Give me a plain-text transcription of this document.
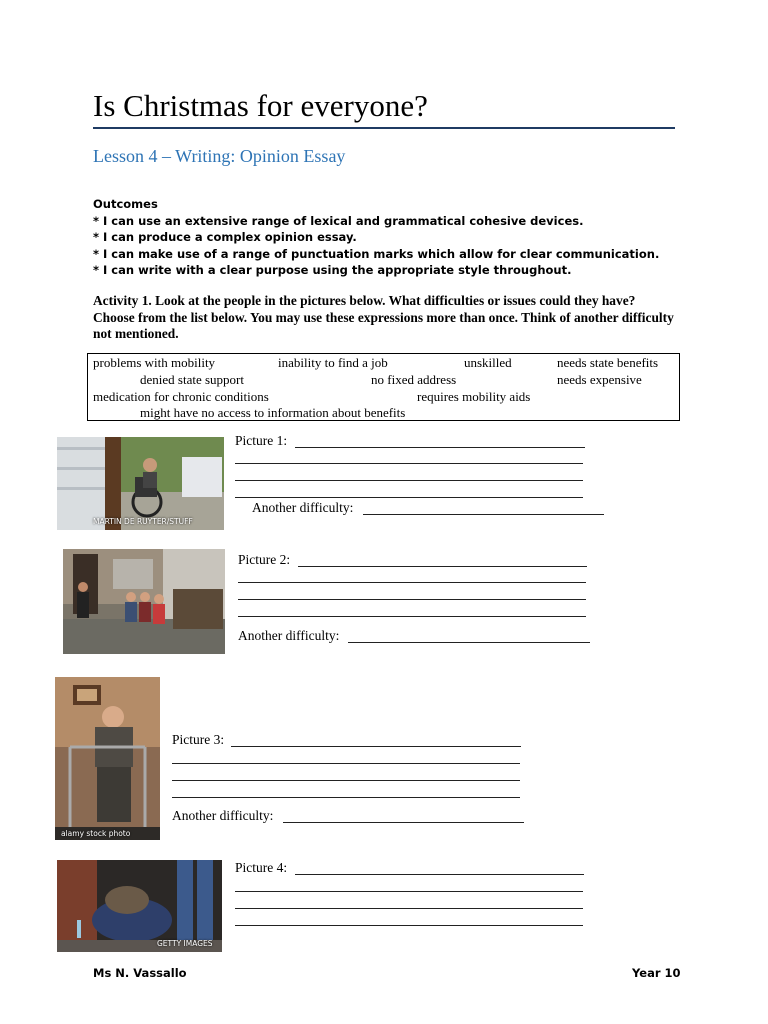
Is Christmas for everyone?
Lesson 4 – Writing: Opinion Essay
Outcomes
* I can use an extensive range of lexical and grammatical cohesive devices.
* I can produce a complex opinion essay.
* I can make use of a range of punctuation marks which allow for clear communication.
* I can write with a clear purpose using the appropriate style throughout.
Activity 1. Look at the people in the pictures below. What difficulties or issues could they have? Choose from the list below. You may use these expressions more than once. Think of another difficulty not mentioned.
problems with mobility	inability to find a job	unskilled	needs state benefits
denied state support	no fixed address	needs expensive
medication for chronic conditions	requires mobility aids
might have no access to information about benefits
MARTIN DE RUYTER/STUFF
Picture 1:
Another difficulty:
Picture 2:
Another difficulty:
alamy stock photo
Picture 3:
Another difficulty:
GETTY IMAGES
Picture 4:
Ms N. Vassallo	Year 10
